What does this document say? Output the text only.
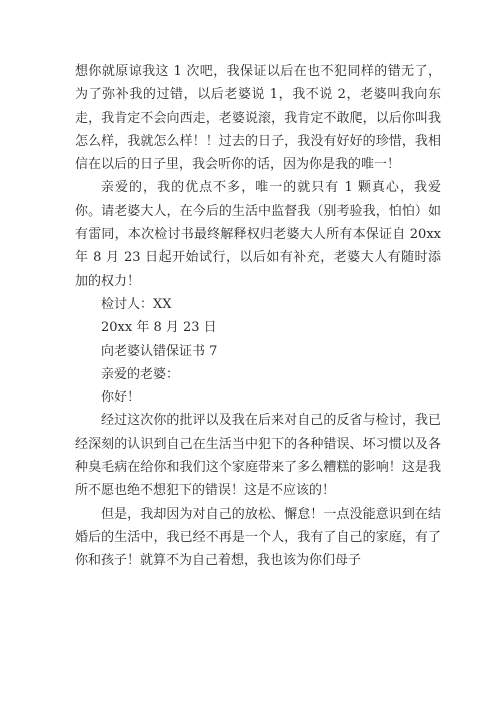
想你就原谅我这 1 次吧，我保证以后在也不犯同样的错无了，为了弥补我的过错，以后老婆说 1，我不说 2，老婆叫我向东走，我肯定不会向西走，老婆说滚，我肯定不敢爬，以后你叫我怎么样，我就怎么样！！过去的日子，我没有好好的珍惜，我相信在以后的日子里，我会听你的话，因为你是我的唯一！

亲爱的，我的优点不多，唯一的就只有 1 颗真心，我爱你。请老婆大人，在今后的生活中监督我（别考验我，怕怕）如有雷同，本次检讨书最终解释权归老婆大人所有本保证自 20xx 年 8 月 23 日起开始试行，以后如有补充，老婆大人有随时添加的权力！

检讨人：XX

20xx 年 8 月 23 日

向老婆认错保证书 7

亲爱的老婆：

你好！

经过这次你的批评以及我在后来对自己的反省与检讨，我已经深刻的认识到自己在生活当中犯下的各种错误、坏习惯以及各种臭毛病在给你和我们这个家庭带来了多么糟糕的影响！这是我所不愿也绝不想犯下的错误！这是不应该的！

但是，我却因为对自己的放松、懈怠！一点没能意识到在结婚后的生活中，我已经不再是一个人，我有了自己的家庭，有了你和孩子！就算不为自己着想，我也该为你们母子
